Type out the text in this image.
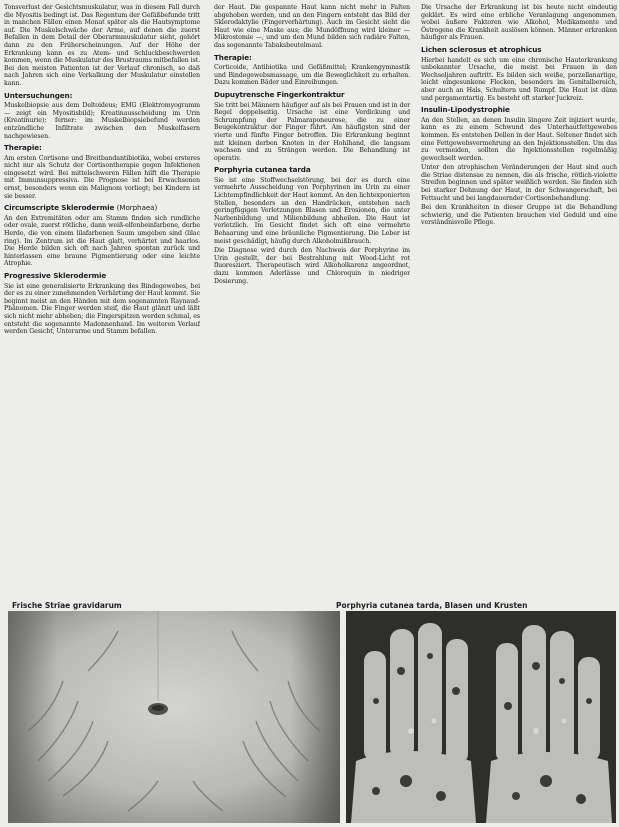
Tonsverlust der Gesichtsmuskulatur, was in diesem Fall durch die Myositis bedingt ist. Das Regentum der Gefäßbefunde tritt in manchen Fällen einen Monat später als die Hautsymptome auf. Die Muskelschwäche der Arme, auf denen die zuerst Befallen in dem Detail der Oberarmmuskulatur sieht, gehört dann zu den Früherscheinungen. Auf der Höhe der Erkrankung kann es zu Atem- und Schluckbeschwerden kommen, wenn die Muskulatur des Brustraums mitbefallen ist. Bei den meisten Patienten ist der Verlauf chronisch, so daß nach Jahren sich eine Verkalkung der Muskulatur einstellen kann.

Untersuchungen:

Muskelbiopsie aus dem Deltoideus; EMG (Elektromyogramm — zeigt ein Myositisbild); Kreatinausscheidung im Urin (Kreatinurie); ferner: im Muskelbiopsiebefund werden entzündliche Infiltrate zwischen den Muskelfasern nachgewiesen.

Therapie:

Am ersten Cortisone und Breitbandantibiotika, wobei ersteres nicht nur als Schutz der Cortisontherapie gegen Infektionen eingesetzt wird. Bei mittelschweren Fällen hilft die Therapie mit Immunsuppressiva. Die Prognose ist bei Erwachsenen ernst, besonders wenn ein Malignom vorliegt; bei Kindern ist sie besser.

Circumscripte Sklerodermie (Morphaea)

An den Extremitäten oder am Stamm finden sich rundliche oder ovale, zuerst rötliche, dann weiß-elfenbeinfarbene, derbe Herde, die von einem lilafarbenen Saum umgeben sind (lilac ring). Im Zentrum ist die Haut glatt, verhärtet und haarlos. Die Herde bilden sich oft nach Jahren spontan zurück und hinterlassen eine braune Pigmentierung oder eine leichte Atrophie.

Progressive Sklerodermie

Sie ist eine generalisierte Erkrankung des Bindegewebes, bei der es zu einer zunehmenden Verhärtung der Haut kommt. Sie beginnt meist an den Händen mit dem sogenannten Raynaud-Phänomen. Die Finger werden steif, die Haut glänzt und läßt sich nicht mehr abheben; die Fingerspitzen werden schmal, es entsteht die sogenannte Madonnenhand. Im weiteren Verlauf werden Gesicht, Unterarme und Stamm befallen.

der Haut. Die gespannte Haut kann nicht mehr in Falten abgehoben werden, und an den Fingern entsteht das Bild der Sklerodaktylie (Fingerverhärtung). Auch im Gesicht sieht die Haut wie eine Maske aus; die Mundöffnung wird kleiner — Mikrostomie —, und um den Mund bilden sich radiäre Falten, das sogenannte Tabaksbeutelmaul.

Therapie:

Corticoide, Antibiotika und Gefäßmittel; Krankengymnastik und Bindegewebsmassage, um die Beweglichkeit zu erhalten. Dazu kommen Bäder und Einreibungen.

Dupuytrensche Fingerkontraktur

Sie tritt bei Männern häufiger auf als bei Frauen und ist in der Regel doppelseitig. Ursache ist eine Verdickung und Schrumpfung der Palmaraponeurose, die zu einer Beugekontraktur der Finger führt. Am häufigsten sind der vierte und fünfte Finger betroffen. Die Erkrankung beginnt mit kleinen derben Knoten in der Hohlhand, die langsam wachsen und zu Strängen werden. Die Behandlung ist operativ.

Porphyria cutanea tarda

Sie ist eine Stoffwechselstörung, bei der es durch eine vermehrte Ausscheidung von Porphyrinen im Urin zu einer Lichtempfindlichkeit der Haut kommt. An den lichtexponierten Stellen, besonders an den Handrücken, entstehen nach geringfügigen Verletzungen Blasen und Erosionen, die unter Narbenbildung und Milienbildung abheilen. Die Haut ist verletzlich. Im Gesicht findet sich oft eine vermehrte Behaarung und eine bräunliche Pigmentierung. Die Leber ist meist geschädigt, häufig durch Alkoholmißbrauch.

Die Diagnose wird durch den Nachweis der Porphyrine im Urin gestellt, der bei Bestrahlung mit Wood-Licht rot fluoresziert. Therapeutisch wird Alkoholkarenz angeordnet, dazu kommen Aderlässe und Chloroquin in niedriger Dosierung.

Die Ursache der Erkrankung ist bis heute nicht eindeutig geklärt. Es wird eine erbliche Veranlagung angenommen, wobei äußere Faktoren wie Alkohol, Medikamente und Östrogene die Krankheit auslösen können. Männer erkranken häufiger als Frauen.

Lichen sclerosus et atrophicus

Hierbei handelt es sich um eine chronische Hauterkrankung unbekannter Ursache, die meist bei Frauen in den Wechseljahren auftritt. Es bilden sich weiße, porzellanartige, leicht eingesunkene Flecken, besonders im Genitalbereich, aber auch an Hals, Schultern und Rumpf. Die Haut ist dünn und pergamentartig. Es besteht oft starker Juckreiz.

Insulin-Lipodystrophie

An den Stellen, an denen Insulin längere Zeit injiziert wurde, kann es zu einem Schwund des Unterhautfettgewebes kommen. Es entstehen Dellen in der Haut. Seltener findet sich eine Fettgewebsvermehrung an den Injektionsstellen. Um das zu vermeiden, sollten die Injektionsstellen regelmäßig gewechselt werden.

Unter den atrophischen Veränderungen der Haut sind auch die Striae distensae zu nennen, die als frische, rötlich-violette Streifen beginnen und später weißlich werden. Sie finden sich bei starker Dehnung der Haut, in der Schwangerschaft, bei Fettsucht und bei langdauernder Cortisonbehandlung.

Bei den Krankheiten in dieser Gruppe ist die Behandlung schwierig, und die Patienten brauchen viel Geduld und eine verständnisvolle Pflege.

Frische Striae gravidarum	Porphyria cutanea tarda, Blasen und Krusten
